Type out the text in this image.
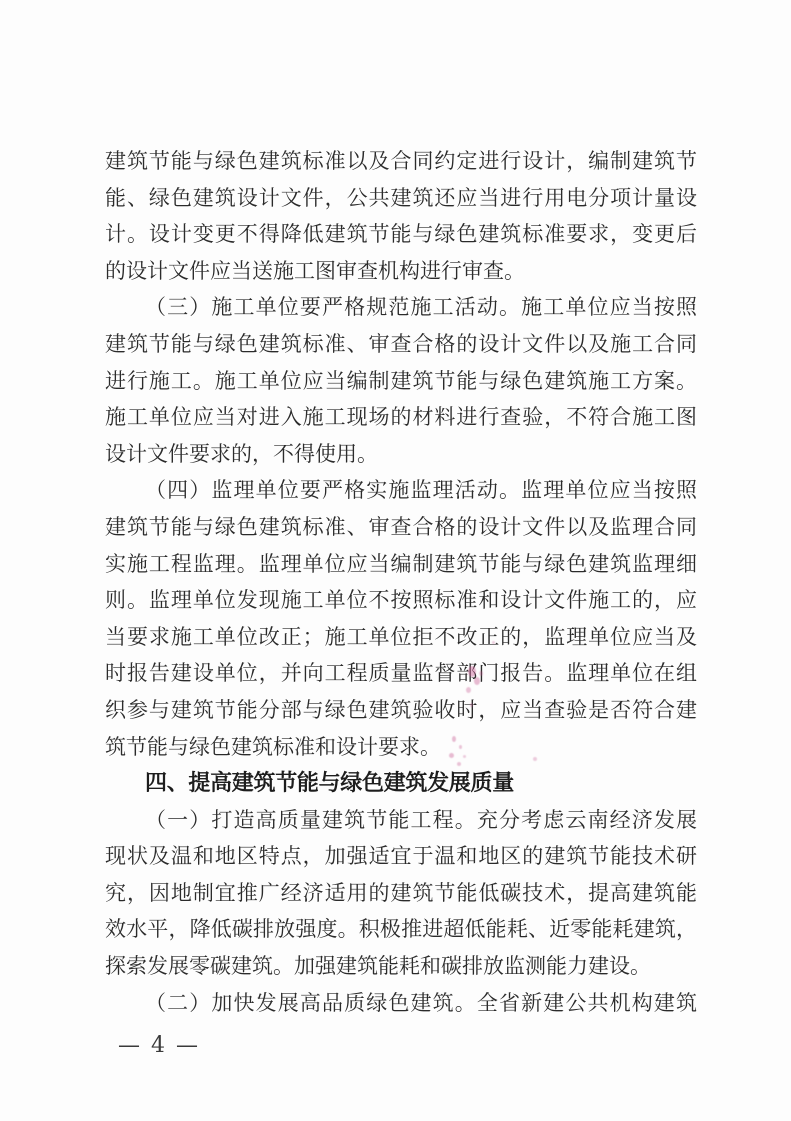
建筑节能与绿色建筑标准以及合同约定进行设计，编制建筑节
能、绿色建筑设计文件，公共建筑还应当进行用电分项计量设
计。设计变更不得降低建筑节能与绿色建筑标准要求，变更后
的设计文件应当送施工图审查机构进行审查。
（三）施工单位要严格规范施工活动。施工单位应当按照
建筑节能与绿色建筑标准、审查合格的设计文件以及施工合同
进行施工。施工单位应当编制建筑节能与绿色建筑施工方案。
施工单位应当对进入施工现场的材料进行查验，不符合施工图
设计文件要求的，不得使用。
（四）监理单位要严格实施监理活动。监理单位应当按照
建筑节能与绿色建筑标准、审查合格的设计文件以及监理合同
实施工程监理。监理单位应当编制建筑节能与绿色建筑监理细
则。监理单位发现施工单位不按照标准和设计文件施工的，应
当要求施工单位改正；施工单位拒不改正的，监理单位应当及
时报告建设单位，并向工程质量监督部门报告。监理单位在组
织参与建筑节能分部与绿色建筑验收时，应当查验是否符合建
筑节能与绿色建筑标准和设计要求。
四、提高建筑节能与绿色建筑发展质量
（一）打造高质量建筑节能工程。充分考虑云南经济发展
现状及温和地区特点，加强适宜于温和地区的建筑节能技术研
究，因地制宜推广经济适用的建筑节能低碳技术，提高建筑能
效水平，降低碳排放强度。积极推进超低能耗、近零能耗建筑，
探索发展零碳建筑。加强建筑能耗和碳排放监测能力建设。
（二）加快发展高品质绿色建筑。全省新建公共机构建筑
— 4 —
